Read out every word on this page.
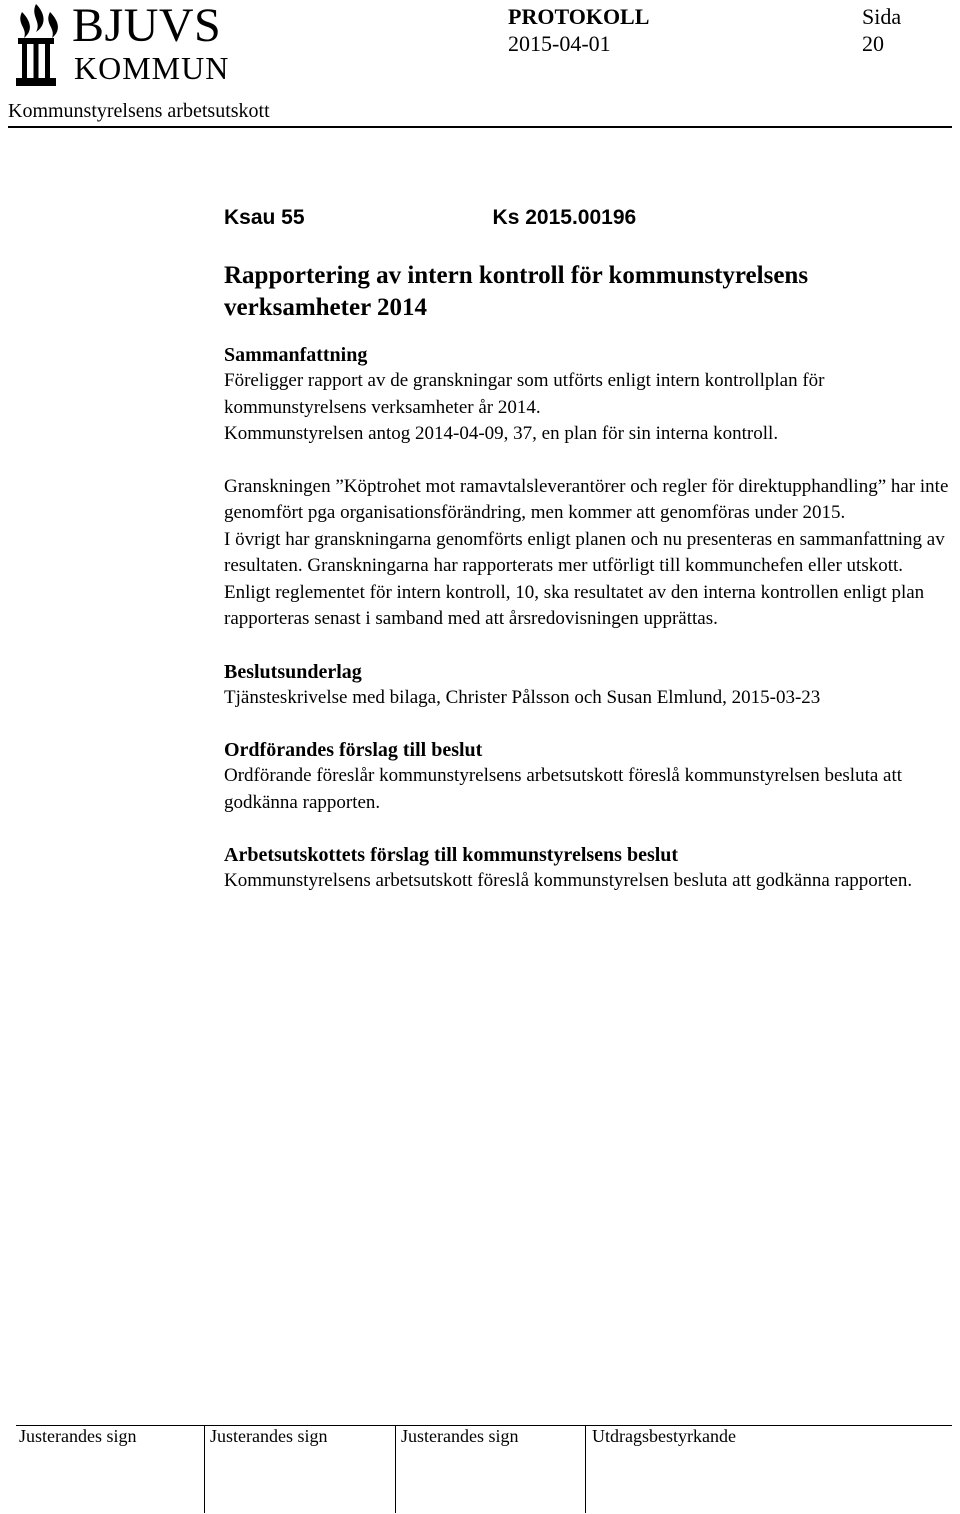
BJUVS
KOMMUN
PROTOKOLL
2015-04-01
Sida
20
Kommunstyrelsens arbetsutskott
Ksau 55	Ks 2015.00196
Rapportering av intern kontroll för kommunstyrelsens verksamheter 2014
Sammanfattning

Föreligger rapport av de granskningar som utförts enligt intern kontrollplan för kommunstyrelsens verksamheter år 2014.

Kommunstyrelsen antog 2014-04-09, 37, en plan för sin interna kontroll.

Granskningen ”Köptrohet mot ramavtalsleverantörer och regler för direktupphandling” har inte genomfört pga organisationsförändring, men kommer att genomföras under 2015.

I övrigt har granskningarna genomförts enligt planen och nu presenteras en sammanfattning av resultaten. Granskningarna har rapporterats mer utförligt till kommunchefen eller utskott.

Enligt reglementet för intern kontroll, 10, ska resultatet av den interna kontrollen enligt plan rapporteras senast i samband med att årsredovisningen upprättas.

Beslutsunderlag

Tjänsteskrivelse med bilaga, Christer Pålsson och Susan Elmlund, 2015-03-23

Ordförandes förslag till beslut

Ordförande föreslår kommunstyrelsens arbetsutskott föreslå kommunstyrelsen besluta att godkänna rapporten.

Arbetsutskottets förslag till kommunstyrelsens beslut

Kommunstyrelsens arbetsutskott föreslå kommunstyrelsen besluta att godkänna rapporten.

Justerandes sign	Justerandes sign	Justerandes sign	Utdragsbestyrkande
